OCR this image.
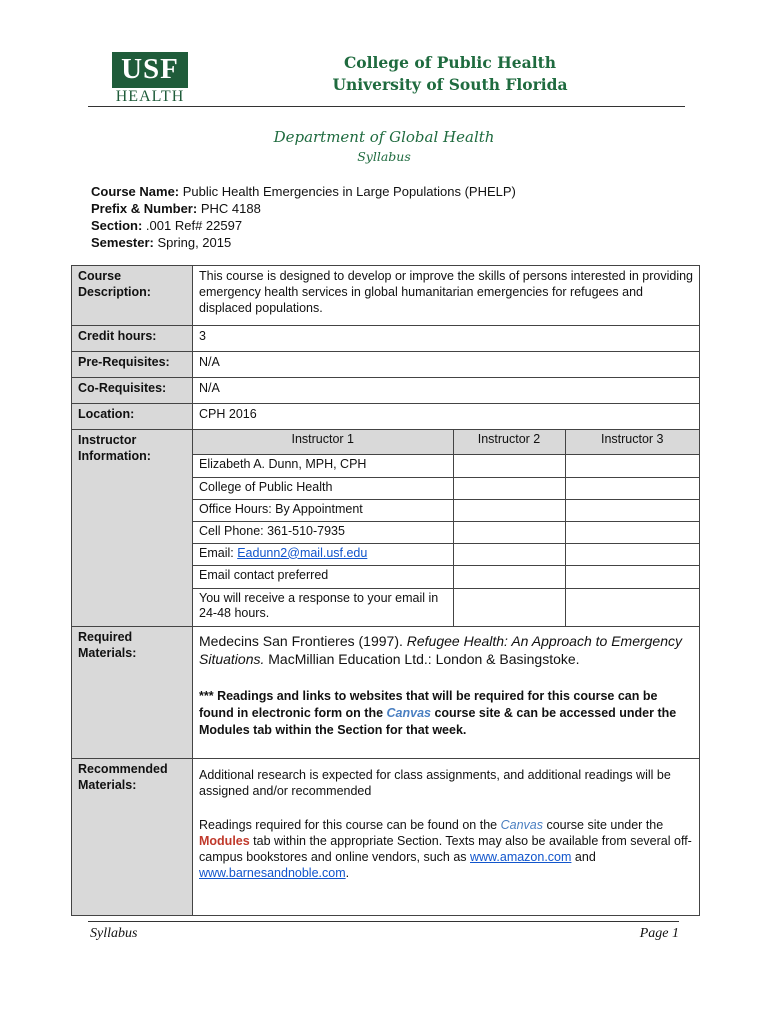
USF
HEALTH
College of Public Health
University of South Florida
Department of Global Health
Syllabus
Course Name: Public Health Emergencies in Large Populations (PHELP)
Prefix & Number: PHC 4188
Section: .001 Ref# 22597
Semester: Spring, 2015
Course Description:	This course is designed to develop or improve the skills of persons interested in providing emergency health services in global humanitarian emergencies for refugees and displaced populations.
Credit hours:	3
Pre-Requisites:	N/A
Co-Requisites:	N/A
Location:	CPH 2016
Instructor Information:	
Instructor 1	Instructor 2	Instructor 3
Elizabeth A. Dunn, MPH, CPH		
College of Public Health		
Office Hours: By Appointment		
Cell Phone: 361-510-7935		
Email: Eadunn2@mail.usf.edu		
Email contact preferred		
You will receive a response to your email in 24-48 hours.		

Required Materials:	
Medecins San Frontieres (1997). Refugee Health: An Approach to Emergency Situations. MacMillian Education Ltd.: London & Basingstoke.
*** Readings and links to websites that will be required for this course can be found in electronic form on the Canvas course site & can be accessed under the Modules tab within the Section for that week.

Recommended Materials:	
Additional research is expected for class assignments, and additional readings will be assigned and/or recommended
Readings required for this course can be found on the Canvas course site under the Modules tab within the appropriate Section. Texts may also be available from several off-campus bookstores and online vendors, such as www.amazon.com and www.barnesandnoble.com.
Syllabus	Page 1
